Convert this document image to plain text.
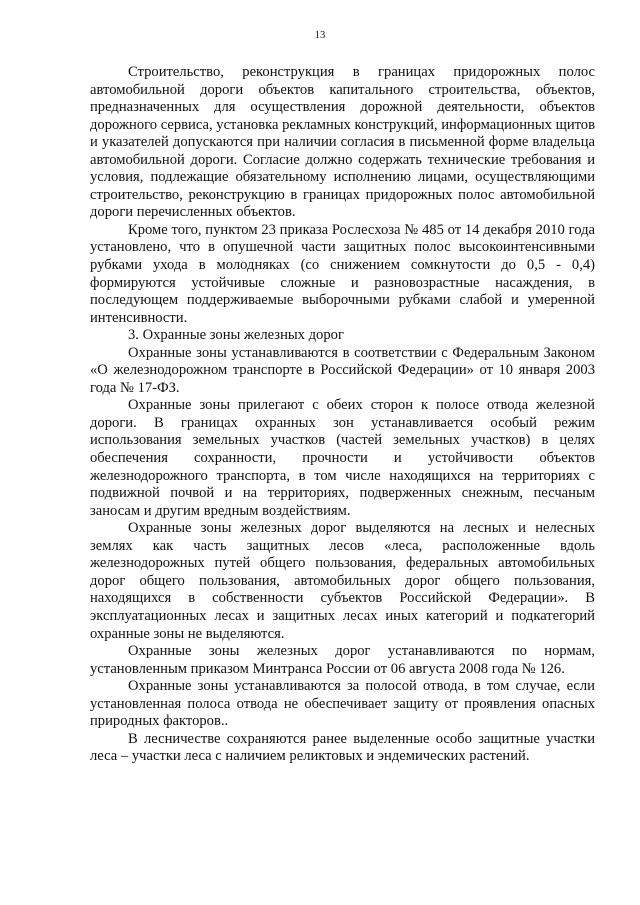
13

Строительство, реконструкция в границах придорожных полос автомобильной дороги объектов капитального строительства, объектов, предназначенных для осуществления дорожной деятельности, объектов дорожного сервиса, установка рекламных конструкций, информационных щитов и указателей допускаются при наличии согласия в письменной форме владельца автомобильной дороги. Согласие должно содержать технические требования и условия, подлежащие обязательному исполнению лицами, осуществляющими строительство, реконструкцию в границах придорожных полос автомобильной дороги перечисленных объектов.

Кроме того, пунктом 23 приказа Рослесхоза № 485 от 14 декабря 2010 года установлено, что в опушечной части защитных полос высокоинтенсивными рубками ухода в молодняках (со снижением сомкнутости до 0,5 - 0,4) формируются устойчивые сложные и разновозрастные насаждения, в последующем поддерживаемые выборочными рубками слабой и умеренной интенсивности.

3. Охранные зоны железных дорог

Охранные зоны устанавливаются в соответствии с Федеральным Законом «О железнодорожном транспорте в Российской Федерации» от 10 января 2003 года № 17-ФЗ.

Охранные зоны прилегают с обеих сторон к полосе отвода железной дороги. В границах охранных зон устанавливается особый режим использования земельных участков (частей земельных участков) в целях обеспечения сохранности, прочности и устойчивости объектов железнодорожного транспорта, в том числе находящихся на территориях с подвижной почвой и на территориях, подверженных снежным, песчаным заносам и другим вредным воздействиям.

Охранные зоны железных дорог выделяются на лесных и нелесных землях как часть защитных лесов «леса, расположенные вдоль железнодорожных путей общего пользования, федеральных автомобильных дорог общего пользования, автомобильных дорог общего пользования, находящихся в собственности субъектов Российской Федерации». В эксплуатационных лесах и защитных лесах иных категорий и подкатегорий охранные зоны не выделяются.

Охранные зоны железных дорог устанавливаются по нормам, установленным приказом Минтранса России от 06 августа 2008 года № 126.

Охранные зоны устанавливаются за полосой отвода, в том случае, если установленная полоса отвода не обеспечивает защиту от проявления опасных природных факторов..

В лесничестве сохраняются ранее выделенные особо защитные участки леса – участки леса с наличием реликтовых и эндемических растений.
